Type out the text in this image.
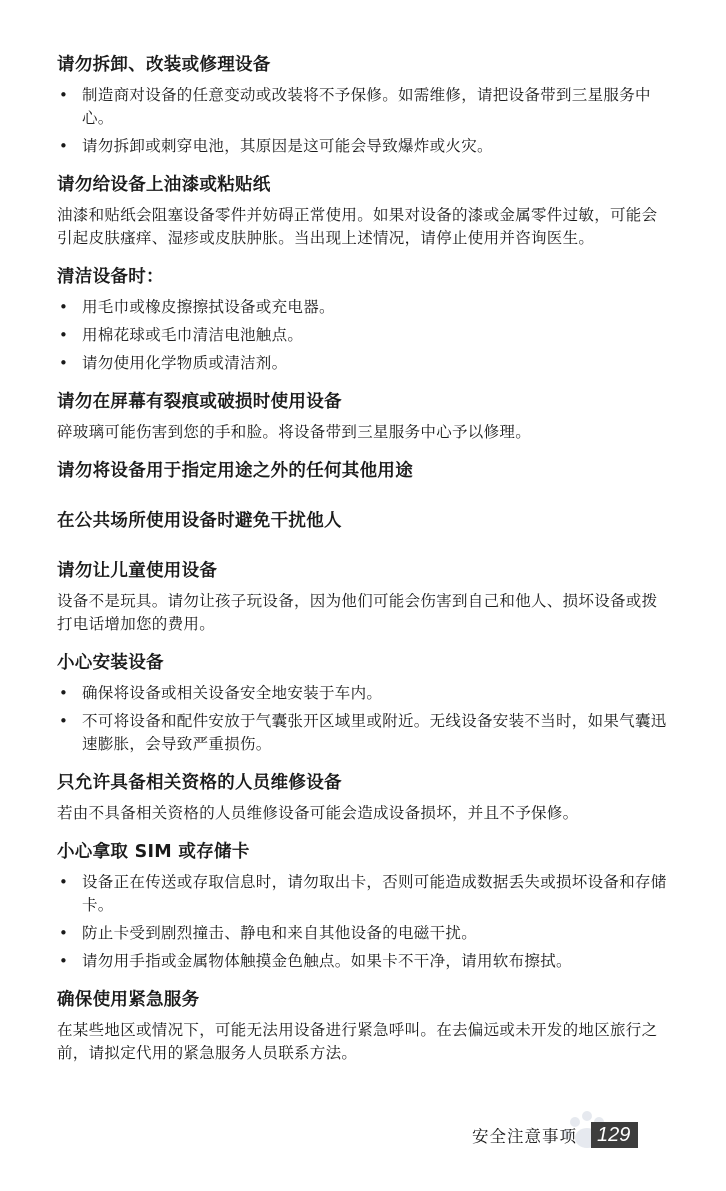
请勿拆卸、改装或修理设备
• 制造商对设备的任意变动或改装将不予保修。如需维修，请把设备带到三星服务中心。
• 请勿拆卸或刺穿电池，其原因是这可能会导致爆炸或火灾。
请勿给设备上油漆或粘贴纸

油漆和贴纸会阻塞设备零件并妨碍正常使用。如果对设备的漆或金属零件过敏，可能会引起皮肤瘙痒、湿疹或皮肤肿胀。当出现上述情况，请停止使用并咨询医生。

清洁设备时：
• 用毛巾或橡皮擦擦拭设备或充电器。
• 用棉花球或毛巾清洁电池触点。
• 请勿使用化学物质或清洁剂。
请勿在屏幕有裂痕或破损时使用设备

碎玻璃可能伤害到您的手和脸。将设备带到三星服务中心予以修理。

请勿将设备用于指定用途之外的任何其他用途
在公共场所使用设备时避免干扰他人
请勿让儿童使用设备

设备不是玩具。请勿让孩子玩设备，因为他们可能会伤害到自己和他人、损坏设备或拨打电话增加您的费用。

小心安装设备
• 确保将设备或相关设备安全地安装于车内。
• 不可将设备和配件安放于气囊张开区域里或附近。无线设备安装不当时，如果气囊迅速膨胀，会导致严重损伤。
只允许具备相关资格的人员维修设备

若由不具备相关资格的人员维修设备可能会造成设备损坏，并且不予保修。

小心拿取 SIM 或存储卡
• 设备正在传送或存取信息时，请勿取出卡，否则可能造成数据丢失或损坏设备和存储卡。
• 防止卡受到剧烈撞击、静电和来自其他设备的电磁干扰。
• 请勿用手指或金属物体触摸金色触点。如果卡不干净，请用软布擦拭。
确保使用紧急服务

在某些地区或情况下，可能无法用设备进行紧急呼叫。在去偏远或未开发的地区旅行之前，请拟定代用的紧急服务人员联系方法。

安全注意事项	129
